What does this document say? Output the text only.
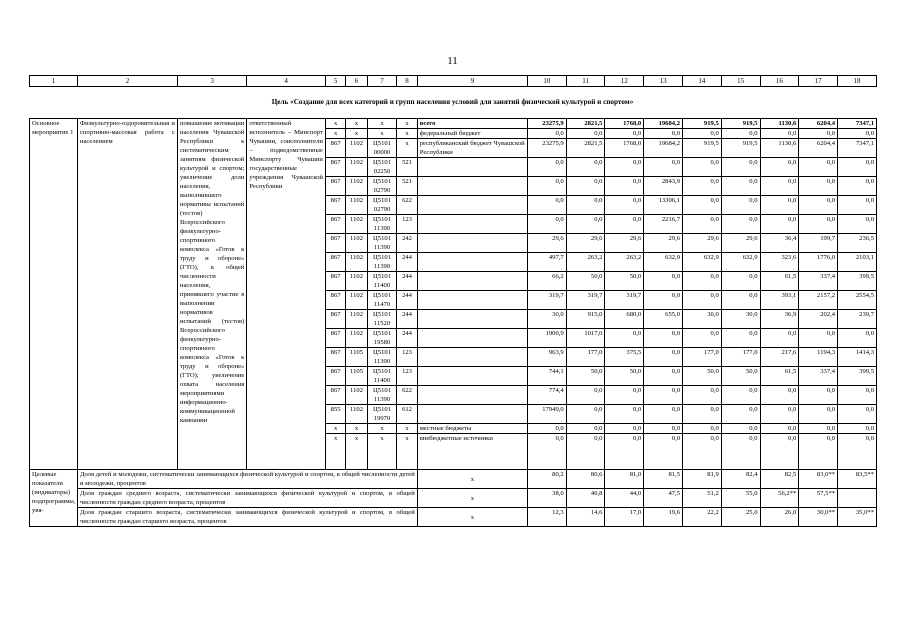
11
1	2	3	4	5	6	7	8	9	10	11	12	13	14	15	16	17	18
Цель «Создание для всех категорий и групп населения условий для занятий физической культурой и спортом»
Основное мероприятие 1	Физкультурно-оздоровительная и спортивно-массовая работа с населением	повышение мотивации населения Чувашской Республики к систематическим занятиям физической культурой и спортом; увеличение доли населения, выполнившего нормативы испытаний (тестов) Всероссийского физкультурно-спортивного комплекса «Готов к труду и обороне» (ГТО), в общей численности населения, принявшего участие в выполнении нормативов испытаний (тестов) Всероссийского физкультурно-спортивного комплекса «Готов к труду и обороне» (ГТО); увеличение охвата населения мероприятиями информационно-коммуникационной кампании	ответственный исполнитель – Минспорт Чувашии, соисполнители – подведомственные Минспорту Чувашии государственные учреждения Чувашской Республики	x	x	x	x	всего	23275,9	2821,5	1768,0	19684,2	919,5	919,5	1130,6	6204,4	7347,1
				x	x	x	x	федеральный бюджет	0,0	0,0	0,0	0,0	0,0	0,0	0,0	0,0	0,0
				867	1102	Ц5101 00000	x	республиканский бюджет Чувашской Республики	23275,9	2821,5	1768,0	19684,2	919,5	919,5	1130,6	6204,4	7347,1
				867	1102	Ц5101 02250	521		0,0	0,0	0,0	0,0	0,0	0,0	0,0	0,0	0,0
				867	1102	Ц5101 02790	521		0,0	0,0	0,0	2843,9	0,0	0,0	0,0	0,0	0,0
				867	1102	Ц5101 02790	622		0,0	0,0	0,0	13306,1	0,0	0,0	0,0	0,0	0,0
				867	1102	Ц5101 11390	123		0,0	0,0	0,0	2216,7	0,0	0,0	0,0	0,0	0,0
				867	1102	Ц5101 11390	242		29,6	29,6	29,6	29,6	29,6	29,6	36,4	199,7	236,5
				867	1102	Ц5101 11390	244		497,7	263,2	263,2	632,9	632,9	632,9	323,6	1776,0	2103,1
				867	1102	Ц5101 11400	244		66,2	50,0	50,0	0,0	0,0	0,0	61,5	337,4	399,5
				867	1102	Ц5101 11470	244		319,7	319,7	319,7	0,0	0,0	0,0	393,1	2157,2	2554,5
				867	1102	Ц5101 11520	244		30,0	915,0	680,0	655,0	30,0	30,0	36,9	202,4	239,7
				867	1102	Ц5101 19580	244		1900,9	1017,0	0,0	0,0	0,0	0,0	0,0	0,0	0,0
				867	1105	Ц5101 11390	123		963,9	177,0	375,5	0,0	177,0	177,0	217,6	1194,3	1414,3
				867	1105	Ц5101 11400	123		744,1	50,0	50,0	0,0	50,0	50,0	61,5	337,4	399,5
				867	1102	Ц5101 11390	622		774,4	0,0	0,0	0,0	0,0	0,0	0,0	0,0	0,0
				855	1102	Ц5101 19970	612		17949,0	0,0	0,0	0,0	0,0	0,0	0,0	0,0	0,0
				x	x	x	x	местные бюджеты	0,0	0,0	0,0	0,0	0,0	0,0	0,0	0,0	0,0
				x	x	x	x	внебюджетные источники	0,0	0,0	0,0	0,0	0,0	0,0	0,0	0,0	0,0
Целевые показатели (индикаторы) подпрограммы, увя-	Доля детей и молодежи, систематически занимающихся физической культурой и спортом, в общей численности детей и молодежи, процентов							x	80,2	80,6	81,0	81,5	81,9	82,4	82,5	83,0**	83,5**
	Доля граждан среднего возраста, систематически занимающихся физической культурой и спортом, в общей численности граждан среднего возраста, процентов							x	38,0	40,8	44,0	47,5	51,2	55,0	56,2**	57,5**	
	Доля граждан старшего возраста, систематически занимающихся физической культурой и спортом, в общей численности граждан старшего возраста, процентов							x	12,3	14,6	17,0	19,6	22,2	25,0	26,0	30,0**	35,0**
